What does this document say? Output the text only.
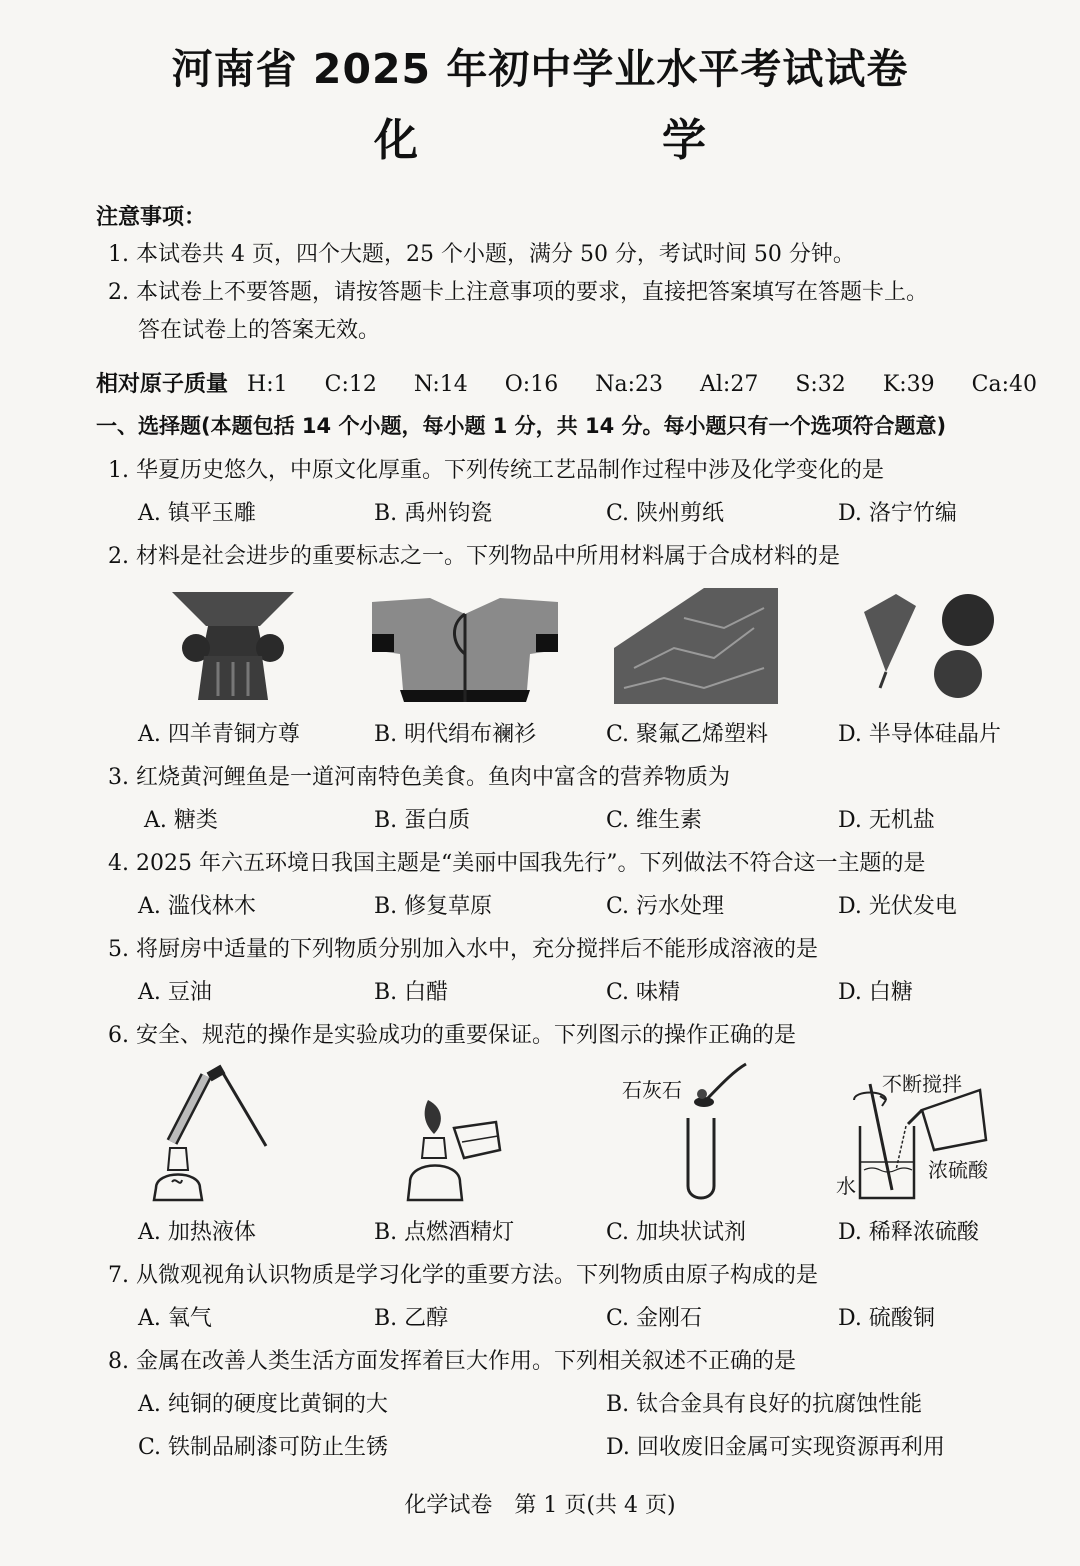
河南省 2025 年初中学业水平考试试卷
化　学
注意事项：
1. 本试卷共 4 页，四个大题，25 个小题，满分 50 分，考试时间 50 分钟。
2. 本试卷上不要答题，请按答题卡上注意事项的要求，直接把答案填写在答题卡上。
答在试卷上的答案无效。
相对原子质量 H:1 C:12 N:14 O:16 Na:23 Al:27 S:32 K:39 Ca:40
一、选择题(本题包括 14 个小题，每小题 1 分，共 14 分。每小题只有一个选项符合题意)
1. 华夏历史悠久，中原文化厚重。下列传统工艺品制作过程中涉及化学变化的是
A. 镇平玉雕	B. 禹州钧瓷	C. 陕州剪纸	D. 洛宁竹编
2. 材料是社会进步的重要标志之一。下列物品中所用材料属于合成材料的是
A. 四羊青铜方尊	B. 明代绢布襕衫	C. 聚氟乙烯塑料	D. 半导体硅晶片
3. 红烧黄河鲤鱼是一道河南特色美食。鱼肉中富含的营养物质为
A. 糖类	B. 蛋白质	C. 维生素	D. 无机盐
4. 2025 年六五环境日我国主题是“美丽中国我先行”。下列做法不符合这一主题的是
A. 滥伐林木	B. 修复草原	C. 污水处理	D. 光伏发电
5. 将厨房中适量的下列物质分别加入水中，充分搅拌后不能形成溶液的是
A. 豆油	B. 白醋	C. 味精	D. 白糖
6. 安全、规范的操作是实验成功的重要保证。下列图示的操作正确的是
石灰石	不断搅拌
浓硫酸
水
A. 加热液体	B. 点燃酒精灯	C. 加块状试剂	D. 稀释浓硫酸
7. 从微观视角认识物质是学习化学的重要方法。下列物质由原子构成的是
A. 氧气	B. 乙醇	C. 金刚石	D. 硫酸铜
8. 金属在改善人类生活方面发挥着巨大作用。下列相关叙述不正确的是
A. 纯铜的硬度比黄铜的大	B. 钛合金具有良好的抗腐蚀性能
C. 铁制品刷漆可防止生锈	D. 回收废旧金属可实现资源再利用
化学试卷　第 1 页(共 4 页)
